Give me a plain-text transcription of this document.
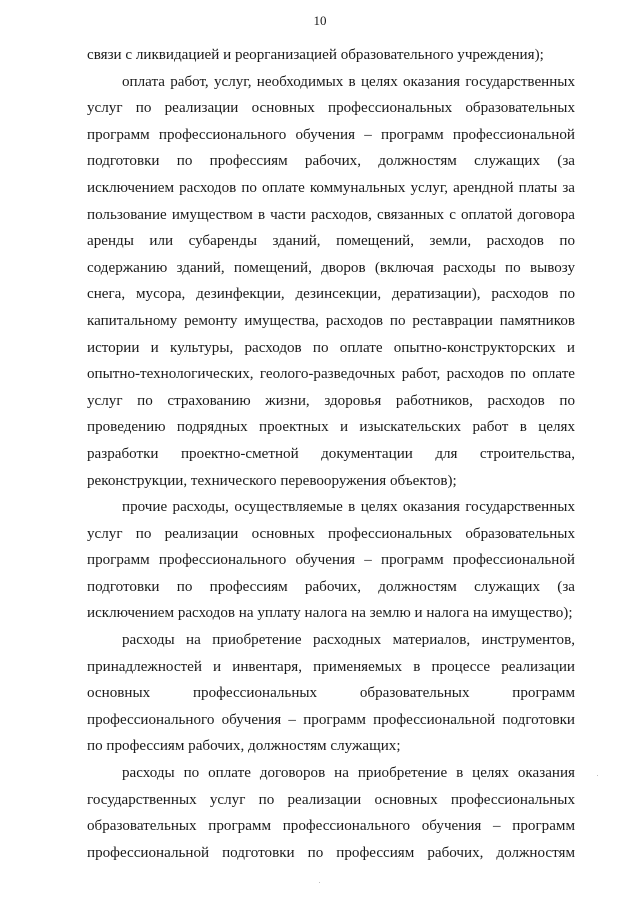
10
связи с ликвидацией и реорганизацией образовательного учреждения);
оплата работ, услуг, необходимых в целях оказания государственных
услуг по реализации основных профессиональных образовательных
программ профессионального обучения – программ профессиональной
подготовки по профессиям рабочих, должностям служащих (за
исключением расходов по оплате коммунальных услуг, арендной платы за
пользование имуществом в части расходов, связанных с оплатой договора
аренды или субаренды зданий, помещений, земли, расходов по
содержанию зданий, помещений, дворов (включая расходы по вывозу
снега, мусора, дезинфекции, дезинсекции, дератизации), расходов по
капитальному ремонту имущества, расходов по реставрации памятников
истории и культуры, расходов по оплате опытно-конструкторских и
опытно-технологических, геолого-разведочных работ, расходов по оплате
услуг по страхованию жизни, здоровья работников, расходов по
проведению подрядных проектных и изыскательских работ в целях
разработки проектно-сметной документации для строительства,
реконструкции, технического перевооружения объектов);
прочие расходы, осуществляемые в целях оказания государственных
услуг по реализации основных профессиональных образовательных
программ профессионального обучения – программ профессиональной
подготовки по профессиям рабочих, должностям служащих (за
исключением расходов на уплату налога на землю и налога на имущество);
расходы на приобретение расходных материалов, инструментов,
принадлежностей и инвентаря, применяемых в процессе реализации
основных профессиональных образовательных программ
профессионального обучения – программ профессиональной подготовки
по профессиям рабочих, должностям служащих;
расходы по оплате договоров на приобретение в целях оказания
государственных услуг по реализации основных профессиональных
образовательных программ профессионального обучения – программ
профессиональной подготовки по профессиям рабочих, должностям
